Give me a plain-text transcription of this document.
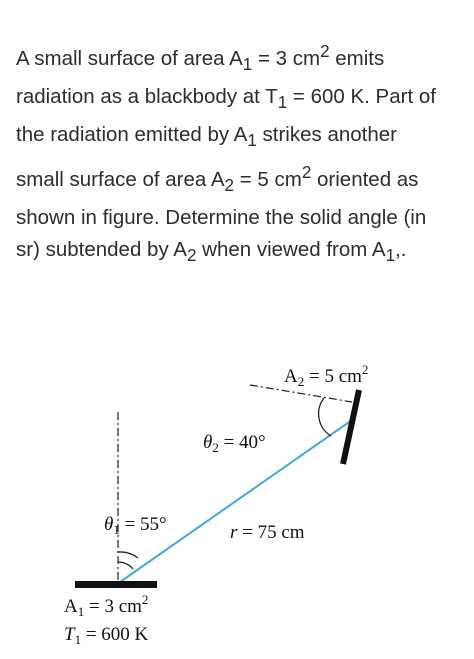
A small surface of area $A_1 = 3$ $cm^2$ emits
radiation as a blackbody at $T_1 = 600$ K. Part of
the radiation emitted by $A_1$ strikes another
small surface of area $A_2 = 5$ $cm^2$ oriented as
shown in figure. Determine the solid angle (in
sr) subtended by $A_2$ when viewed from $A_1$,.
$A_2 = 5$ $cm^2$
$\theta_2 = 40^\circ$
$\theta_1 = 55^\circ$	r = 75 cm
$A_1 = 3$ $cm^2$
$T_1 = 600$ K
